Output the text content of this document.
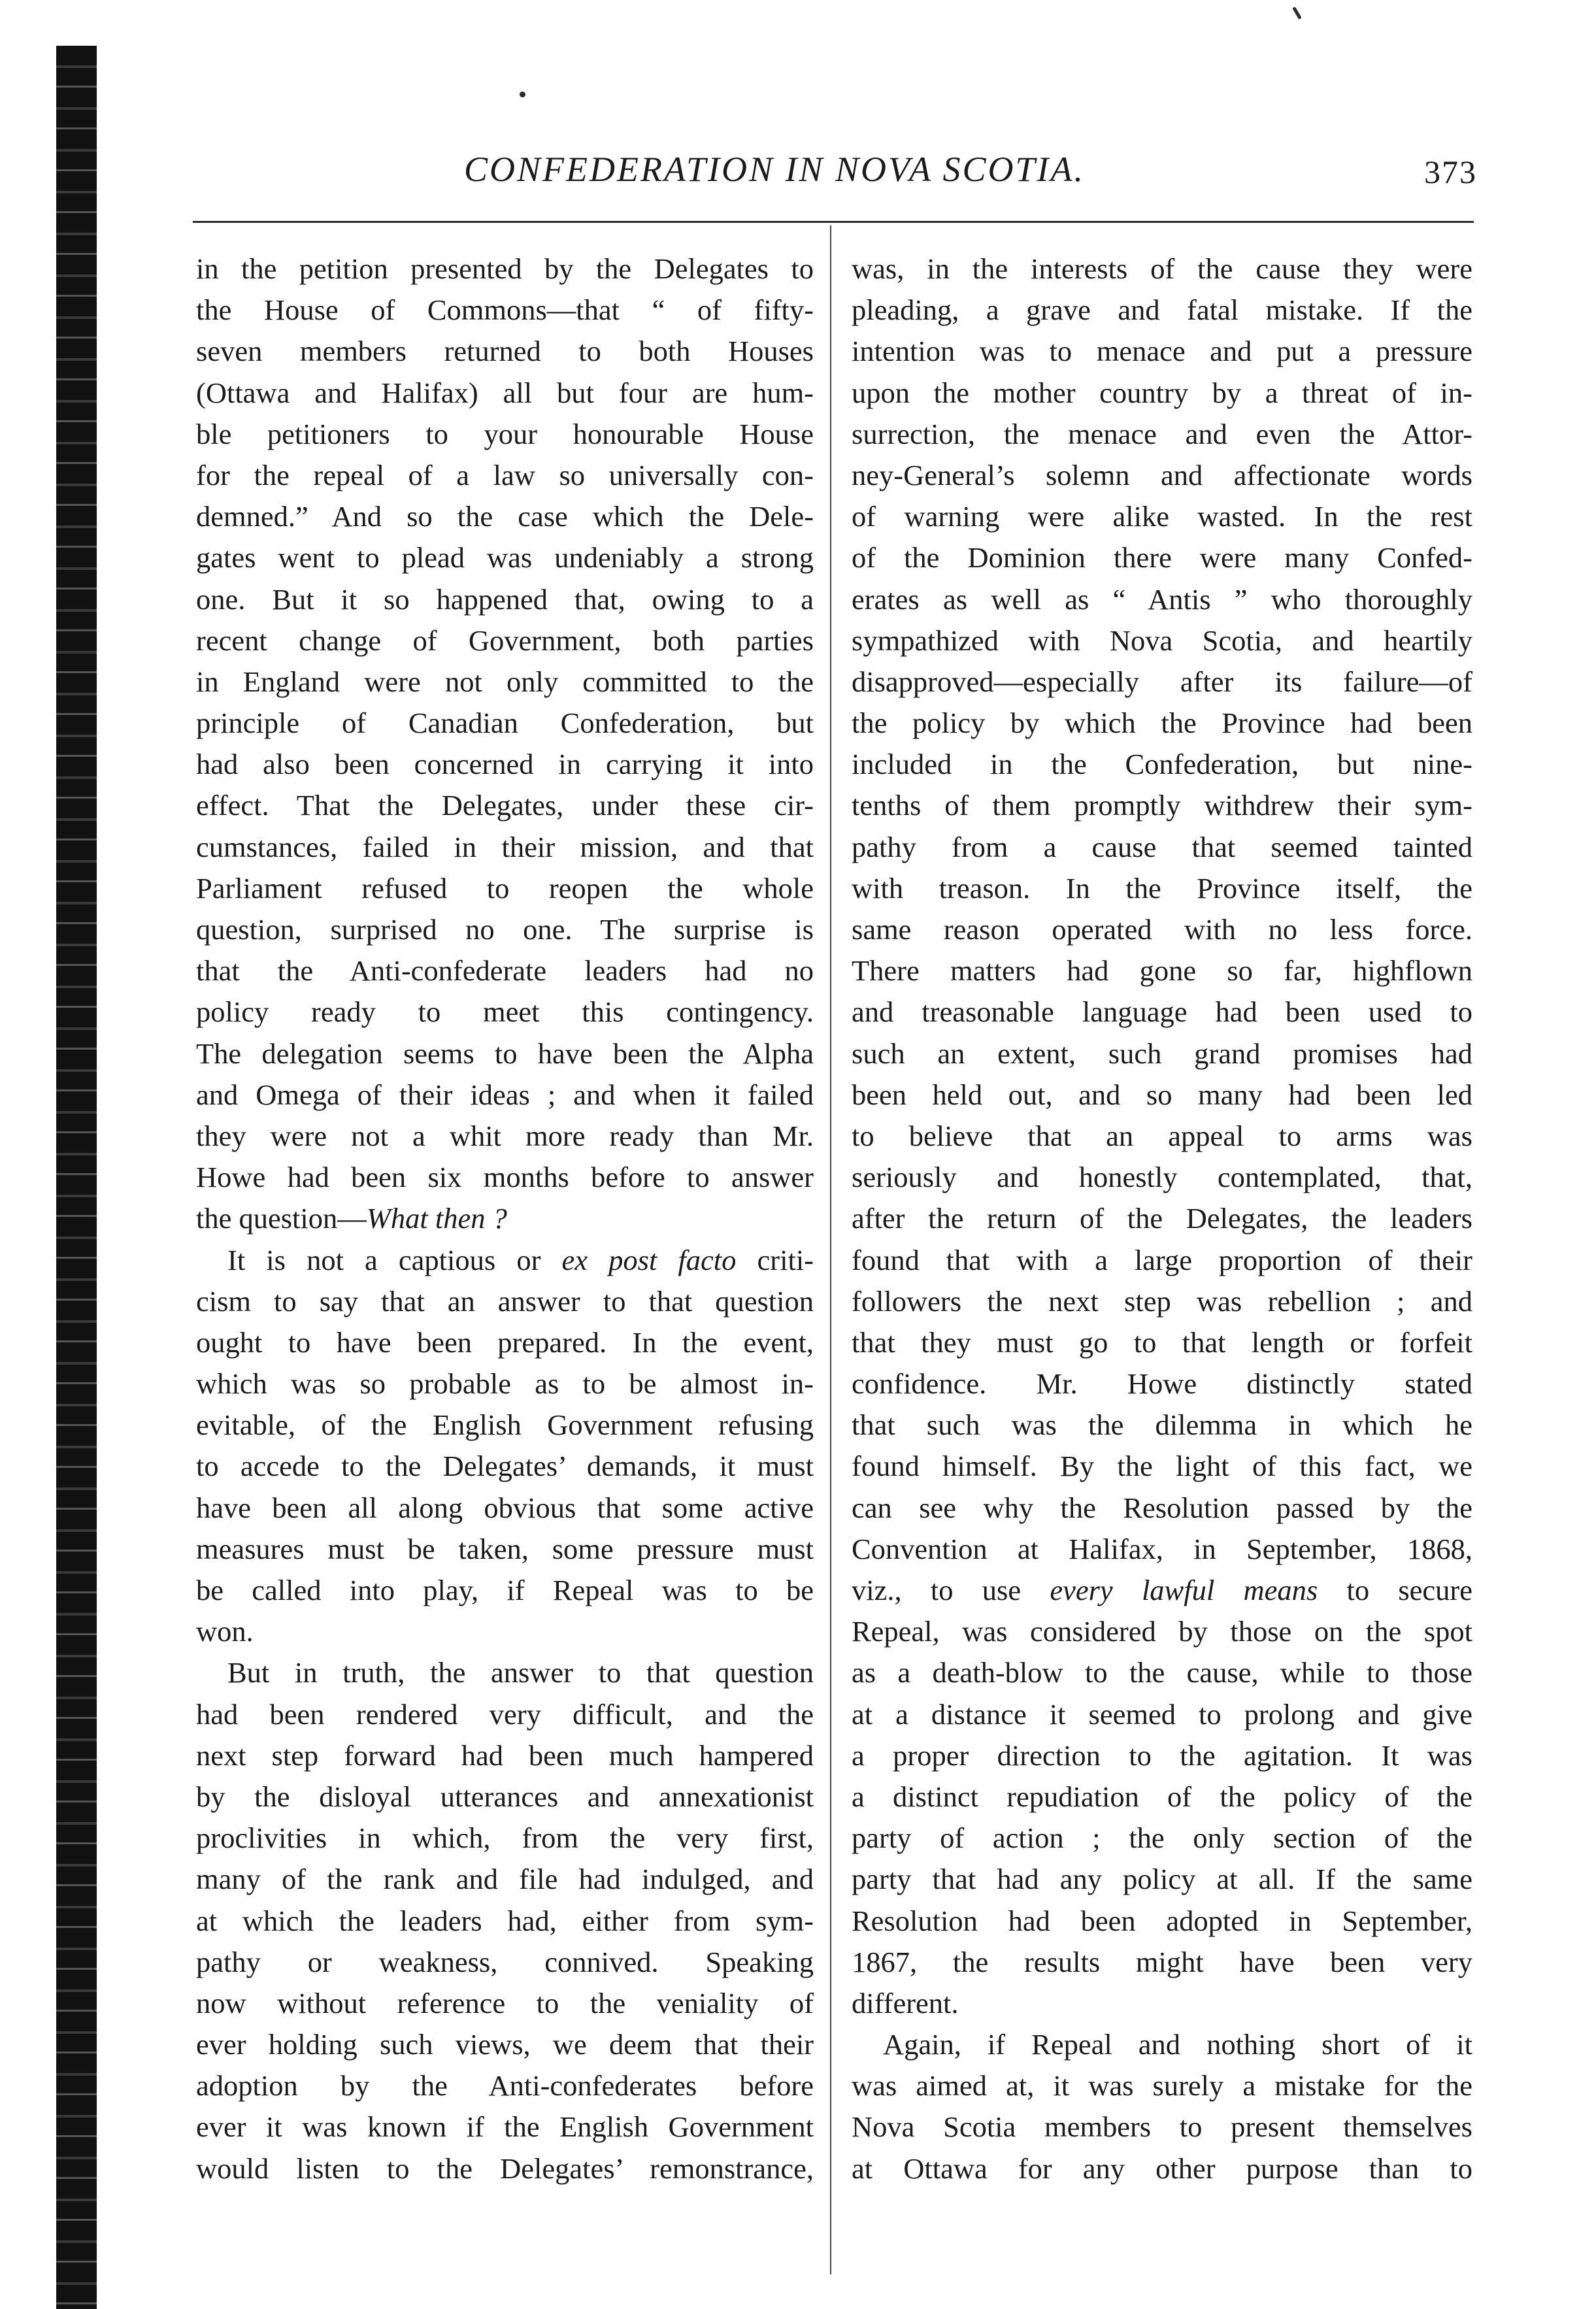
CONFEDERATION IN NOVA SCOTIA.	373
in the petition presented by the Delegates to
the House of Commons—that “ of fifty-
seven members returned to both Houses
(Ottawa and Halifax) all but four are hum-
ble petitioners to your honourable House
for the repeal of a law so universally con-
demned.” And so the case which the Dele-
gates went to plead was undeniably a strong
one. But it so happened that, owing to a
recent change of Government, both parties
in England were not only committed to the
principle of Canadian Confederation, but
had also been concerned in carrying it into
effect. That the Delegates, under these cir-
cumstances, failed in their mission, and that
Parliament refused to reopen the whole
question, surprised no one. The surprise is
that the Anti-confederate leaders had no
policy ready to meet this contingency.
The delegation seems to have been the Alpha
and Omega of their ideas ; and when it failed
they were not a whit more ready than Mr.
Howe had been six months before to answer
the question—What then ?
It is not a captious or ex post facto criti-
cism to say that an answer to that question
ought to have been prepared. In the event,
which was so probable as to be almost in-
evitable, of the English Government refusing
to accede to the Delegates’ demands, it must
have been all along obvious that some active
measures must be taken, some pressure must
be called into play, if Repeal was to be
won.
But in truth, the answer to that question
had been rendered very difficult, and the
next step forward had been much hampered
by the disloyal utterances and annexationist
proclivities in which, from the very first,
many of the rank and file had indulged, and
at which the leaders had, either from sym-
pathy or weakness, connived. Speaking
now without reference to the veniality of
ever holding such views, we deem that their
adoption by the Anti-confederates before
ever it was known if the English Government
would listen to the Delegates’ remonstrance,
was, in the interests of the cause they were
pleading, a grave and fatal mistake. If the
intention was to menace and put a pressure
upon the mother country by a threat of in-
surrection, the menace and even the Attor-
ney-General’s solemn and affectionate words
of warning were alike wasted. In the rest
of the Dominion there were many Confed-
erates as well as “ Antis ” who thoroughly
sympathized with Nova Scotia, and heartily
disapproved—especially after its failure—of
the policy by which the Province had been
included in the Confederation, but nine-
tenths of them promptly withdrew their sym-
pathy from a cause that seemed tainted
with treason. In the Province itself, the
same reason operated with no less force.
There matters had gone so far, highflown
and treasonable language had been used to
such an extent, such grand promises had
been held out, and so many had been led
to believe that an appeal to arms was
seriously and honestly contemplated, that,
after the return of the Delegates, the leaders
found that with a large proportion of their
followers the next step was rebellion ; and
that they must go to that length or forfeit
confidence. Mr. Howe distinctly stated
that such was the dilemma in which he
found himself. By the light of this fact, we
can see why the Resolution passed by the
Convention at Halifax, in September, 1868,
viz., to use every lawful means to secure
Repeal, was considered by those on the spot
as a death-blow to the cause, while to those
at a distance it seemed to prolong and give
a proper direction to the agitation. It was
a distinct repudiation of the policy of the
party of action ; the only section of the
party that had any policy at all. If the same
Resolution had been adopted in September,
1867, the results might have been very
different.
Again, if Repeal and nothing short of it
was aimed at, it was surely a mistake for the
Nova Scotia members to present themselves
at Ottawa for any other purpose than to
